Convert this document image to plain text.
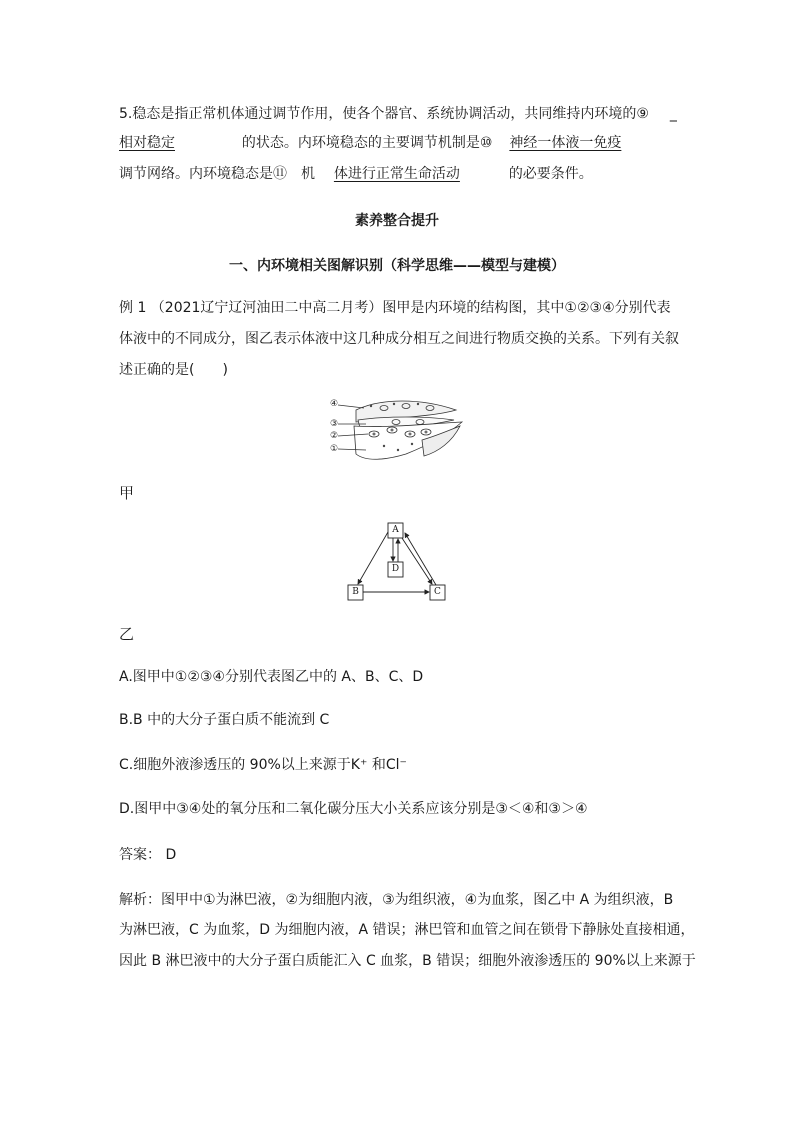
5.稳态是指正常机体通过调节作用，使各个器官、系统协调活动，共同维持内环境的⑨ _
相对稳定	的状态。内环境稳态的主要调节机制是⑩ 神经一体液一免疫
调节网络。内环境稳态是⑪　机 体进行正常生命活动	的必要条件。
素养整合提升
一、内环境相关图解识别（科学思维——模型与建模）
例 1 （2021辽宁辽河油田二中高二月考）图甲是内环境的结构图，其中①②③④分别代表
体液中的不同成分，图乙表示体液中这几种成分相互之间进行物质交换的关系。下列有关叙
述正确的是(　　)
④
③
②
①
甲
A
B	C
D
乙
A.图甲中①②③④分别代表图乙中的 A、B、C、D
B.B 中的大分子蛋白质不能流到 C
C.细胞外液渗透压的 90%以上来源于K⁺ 和Cl⁻
D.图甲中③④处的氧分压和二氧化碳分压大小关系应该分别是③＜④和③＞④
答案： D
解析：图甲中①为淋巴液，②为细胞内液，③为组织液，④为血浆，图乙中 A 为组织液，B
为淋巴液，C 为血浆，D 为细胞内液，A 错误；淋巴管和血管之间在锁骨下静脉处直接相通，
因此 B 淋巴液中的大分子蛋白质能汇入 C 血浆，B 错误；细胞外液渗透压的 90%以上来源于
